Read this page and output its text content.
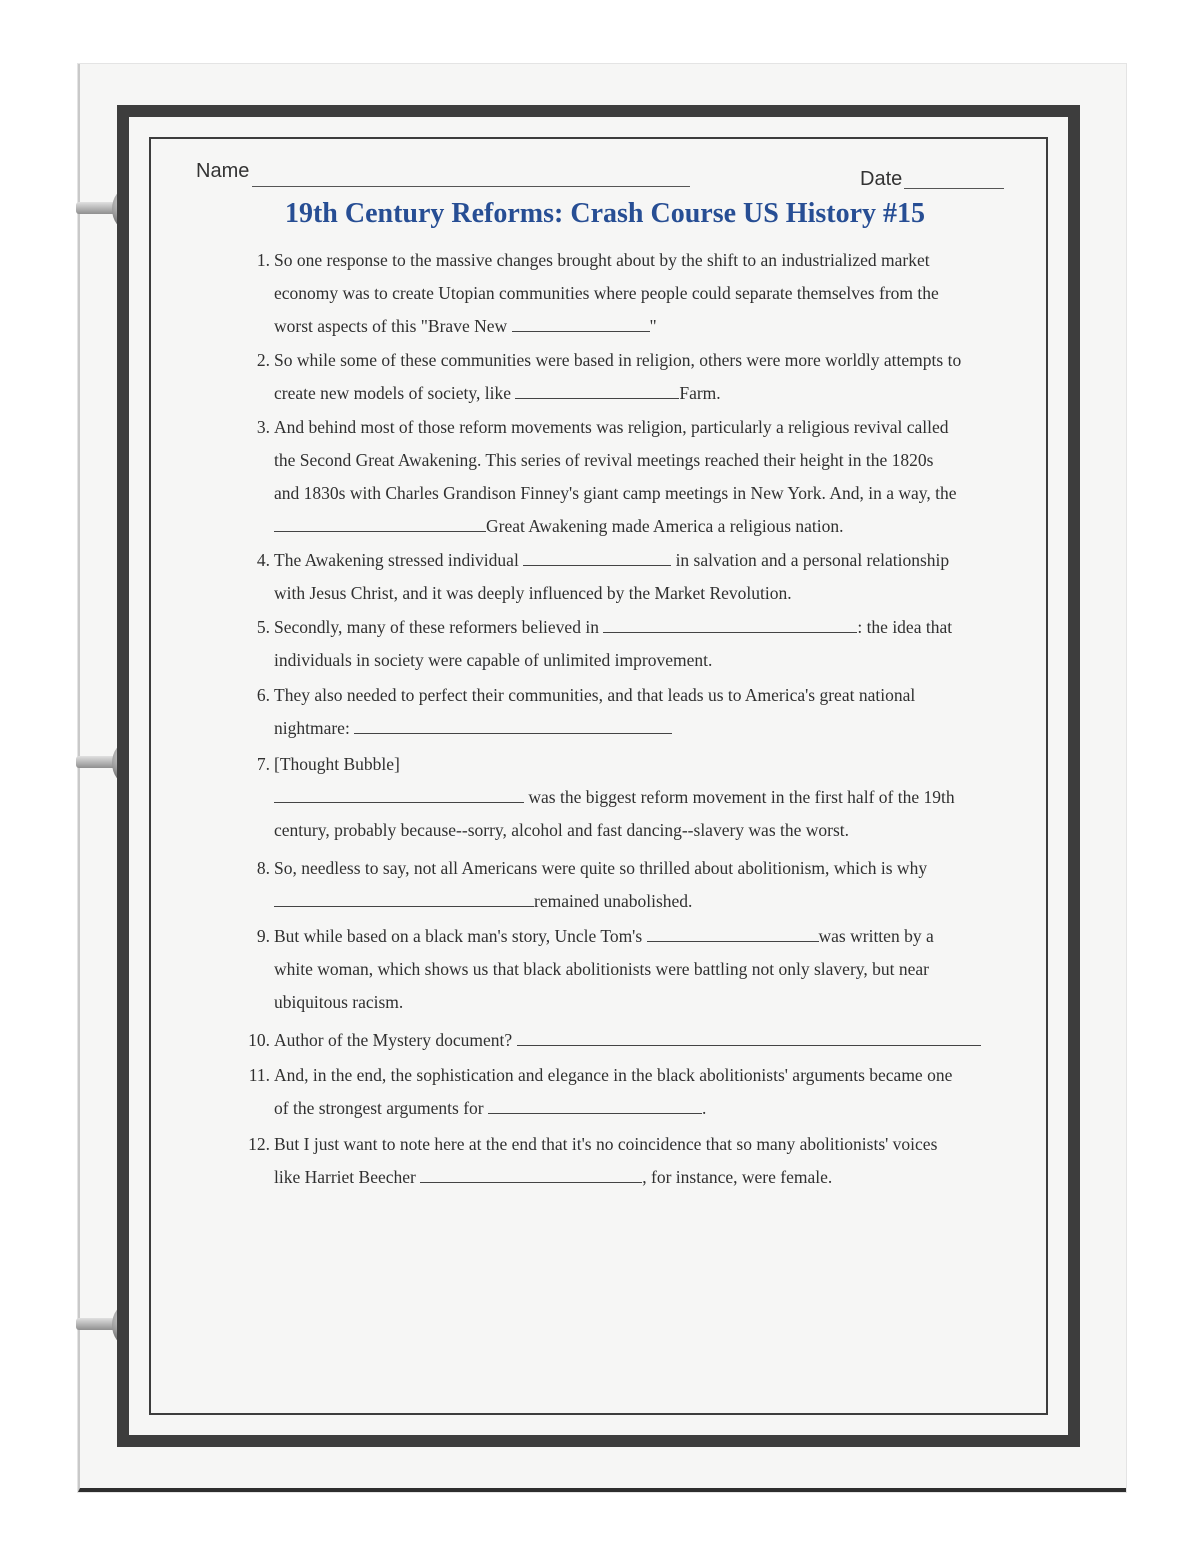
Name	Date
19th Century Reforms: Crash Course US History #15
1. So one response to the massive changes brought about by the shift to an industrialized market
economy was to create Utopian communities where people could separate themselves from the
worst aspects of this "Brave New	"
2. So while some of these communities were based in religion, others were more worldly attempts to
create new models of society, like	Farm.
3. And behind most of those reform movements was religion, particularly a religious revival called
the Second Great Awakening. This series of revival meetings reached their height in the 1820s
and 1830s with Charles Grandison Finney's giant camp meetings in New York. And, in a way, the
Great Awakening made America a religious nation.
4. The Awakening stressed individual	in salvation and a personal relationship
with Jesus Christ, and it was deeply influenced by the Market Revolution.
5. Secondly, many of these reformers believed in	: the idea that
individuals in society were capable of unlimited improvement.
6. They also needed to perfect their communities, and that leads us to America's great national
nightmare:
7. [Thought Bubble]
was the biggest reform movement in the first half of the 19th
century, probably because--sorry, alcohol and fast dancing--slavery was the worst.
8. So, needless to say, not all Americans were quite so thrilled about abolitionism, which is why
remained unabolished.
9. But while based on a black man's story, Uncle Tom's	was written by a
white woman, which shows us that black abolitionists were battling not only slavery, but near
ubiquitous racism.
10. Author of the Mystery document?
11. And, in the end, the sophistication and elegance in the black abolitionists' arguments became one
of the strongest arguments for	.
12. But I just want to note here at the end that it's no coincidence that so many abolitionists' voices
like Harriet Beecher	, for instance, were female.
